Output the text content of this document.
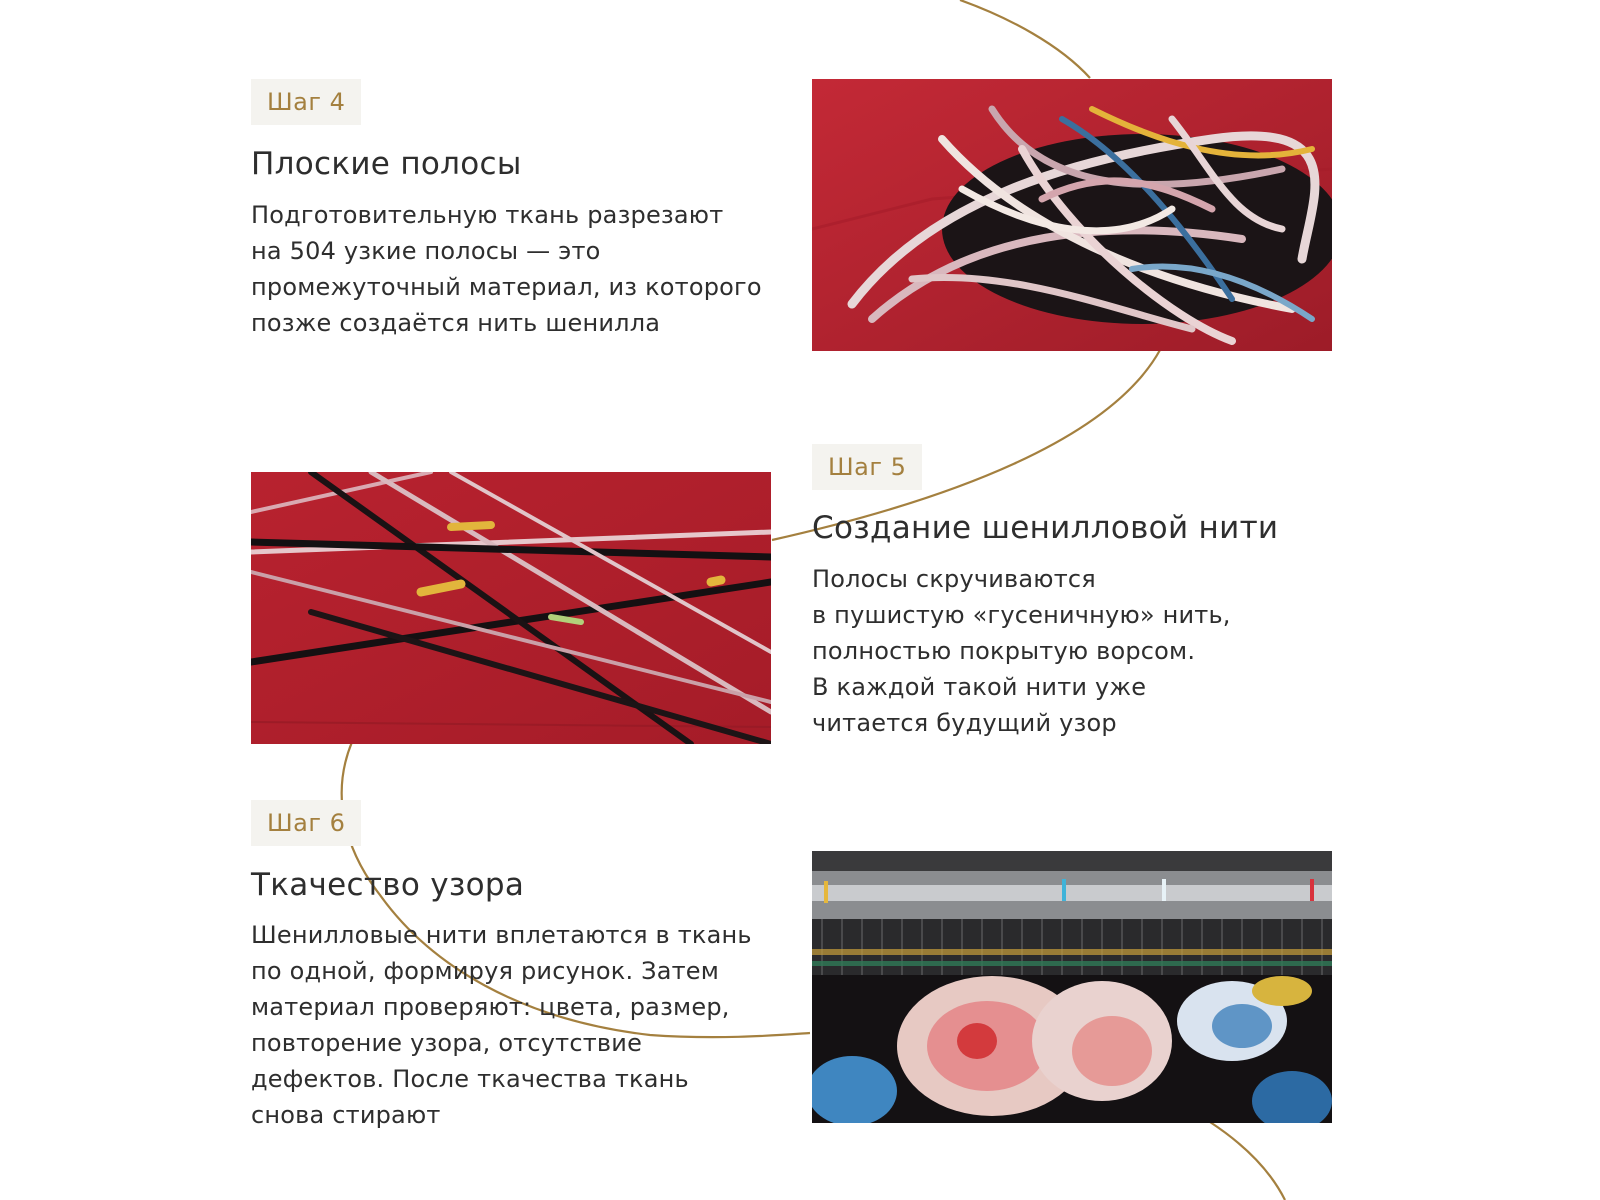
Шаг 4
Плоские полосы

Подготовительную ткань разрезают
на 504 узкие полосы — это
промежуточный материал, из которого
позже создаётся нить шенилла

Шаг 5
Создание шенилловой нити

Полосы скручиваются
в пушистую «гусеничную» нить,
полностью покрытую ворсом.
В каждой такой нити уже
читается будущий узор

Шаг 6
Ткачество узора

Шенилловые нити вплетаются в ткань
по одной, формируя рисунок. Затем
материал проверяют: цвета, размер,
повторение узора, отсутствие
дефектов. После ткачества ткань
снова стирают
